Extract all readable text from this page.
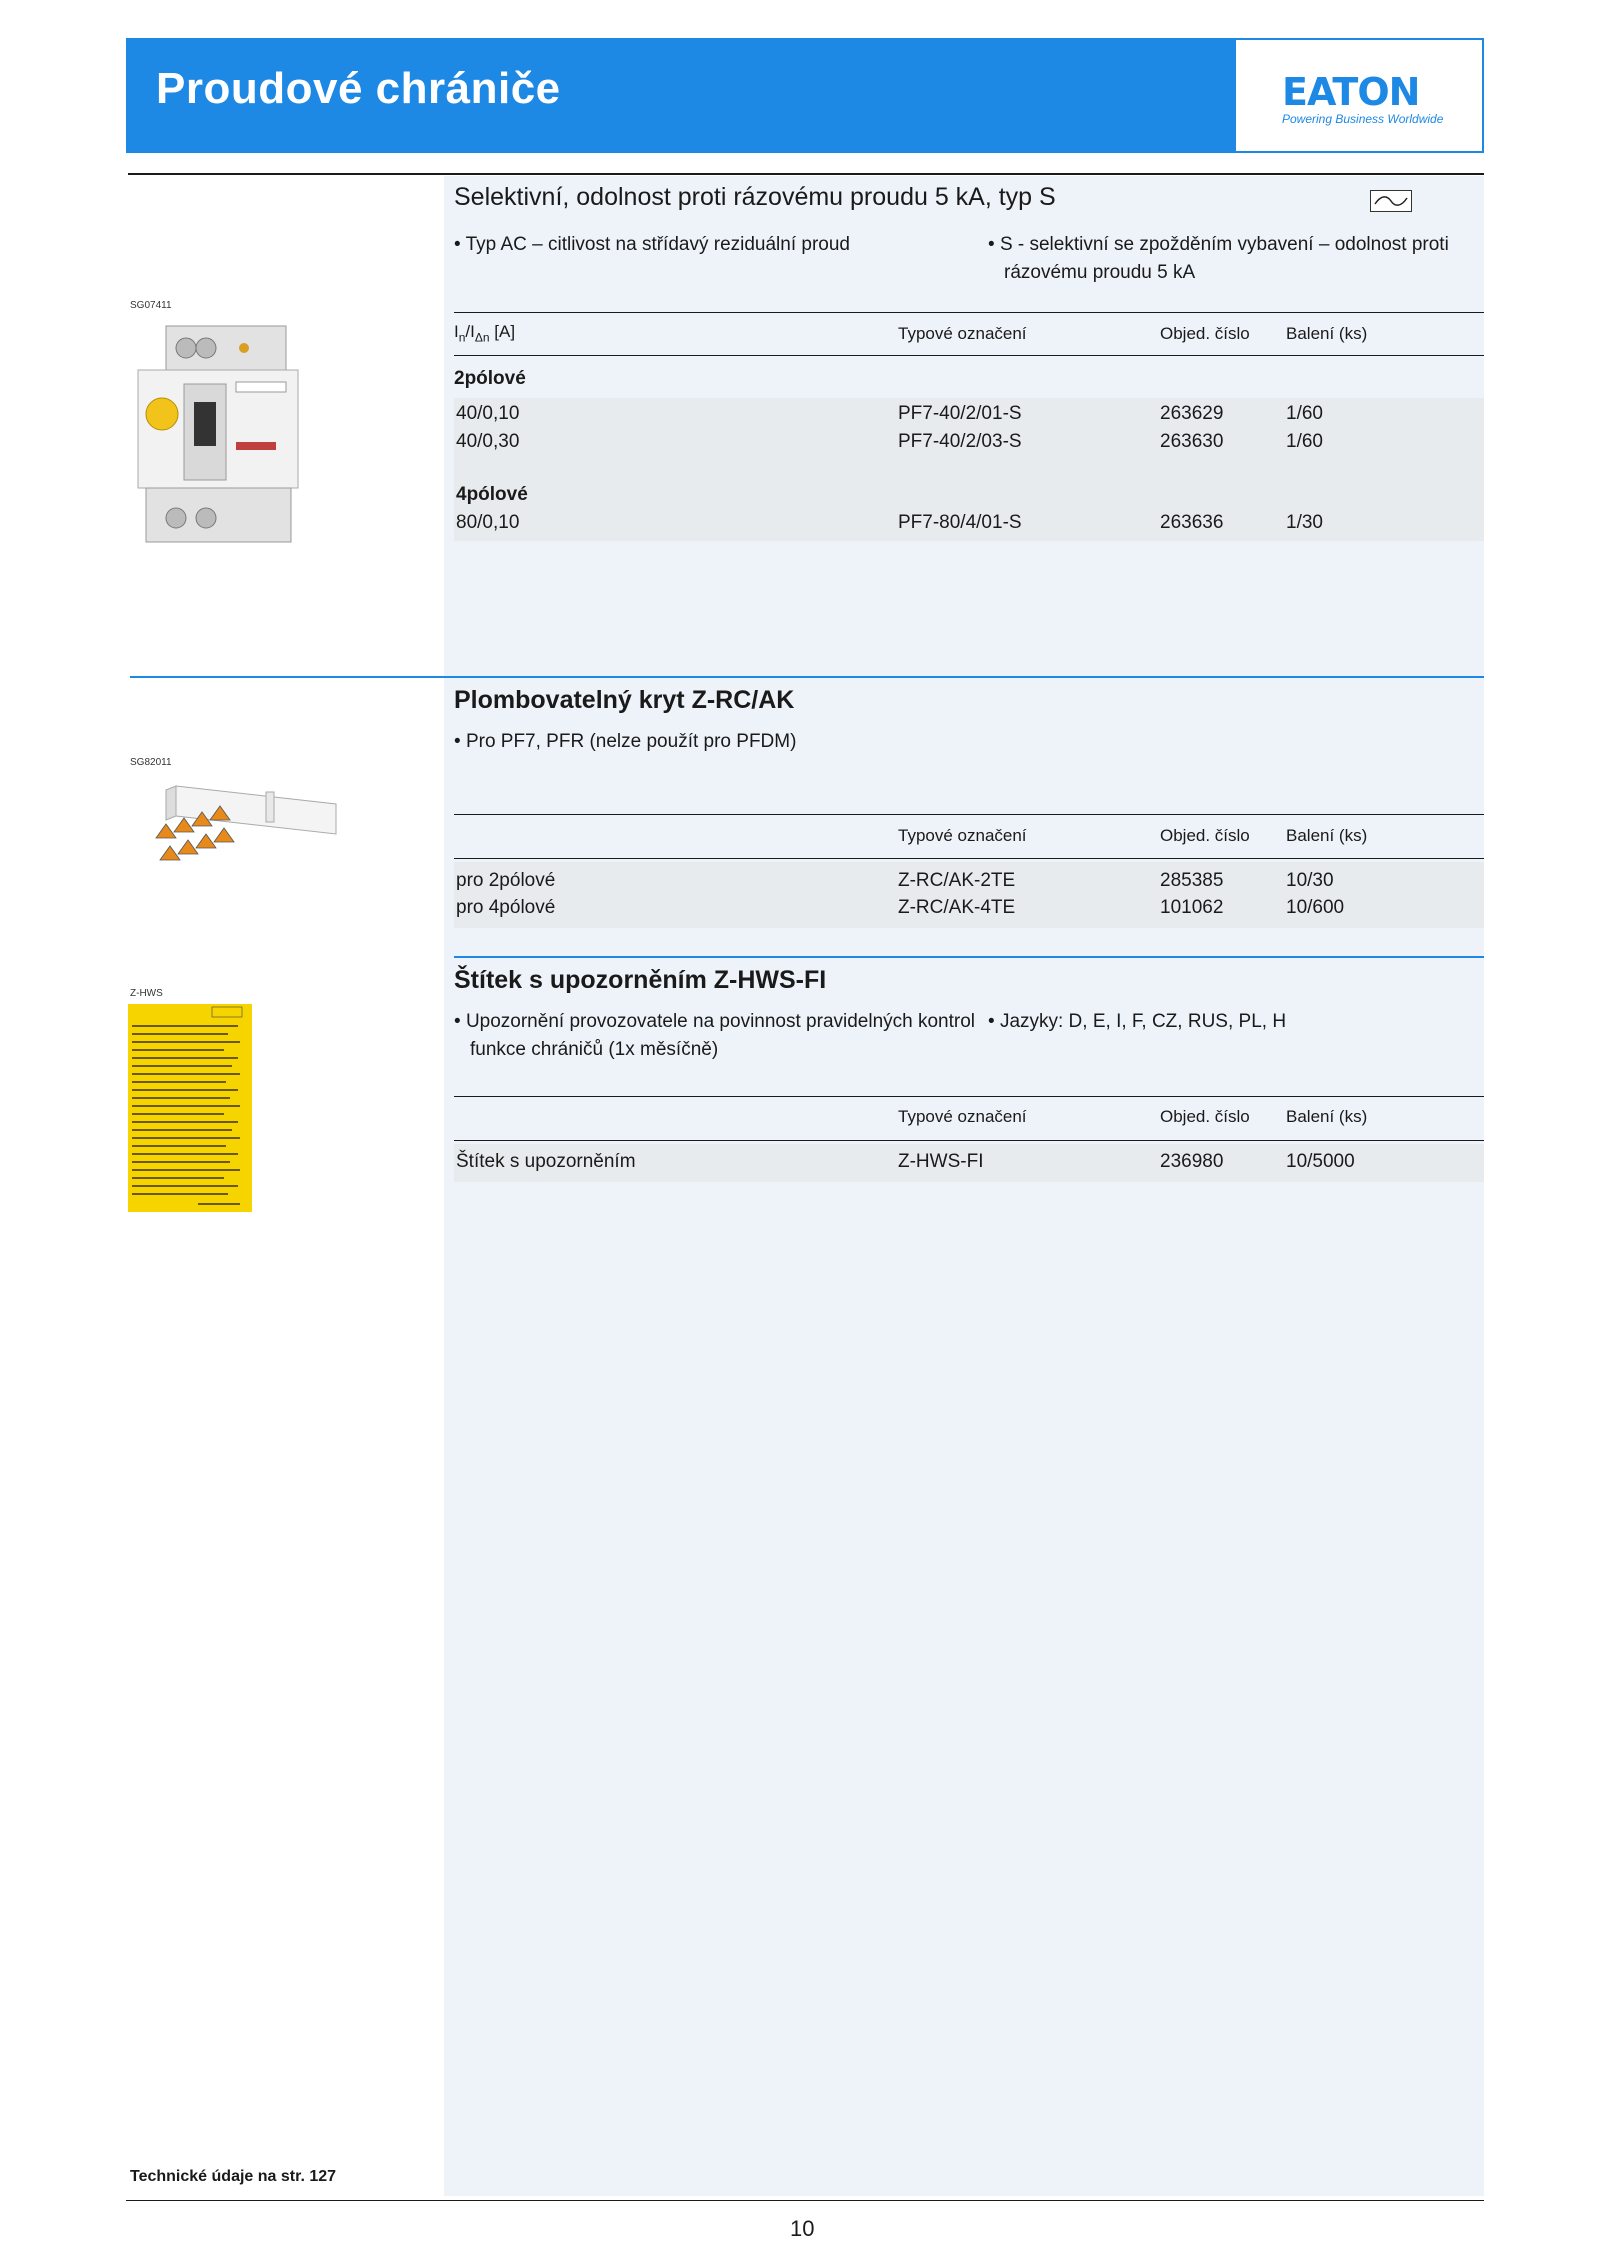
Proudové chrániče	EATON
Powering Business Worldwide
Selektivní, odolnost proti rázovému proudu 5 kA, typ S
• Typ AC – citlivost na střídavý reziduální proud	• S - selektivní se zpožděním vybavení – odolnost proti rázovému proudu 5 kA
SG07411
$I_n/I_{\Delta n}$ [A]	Typové označení	Objed. číslo Balení (ks)
2pólové
40/0,10	PF7-40/2/01-S	263629	1/60
40/0,30	PF7-40/2/03-S	263630	1/60
4pólové
80/0,10	PF7-80/4/01-S	263636	1/30
Plombovatelný kryt Z-RC/AK
• Pro PF7, PFR (nelze použít pro PFDM)
SG82011
Typové označení	Objed. číslo Balení (ks)
pro 2pólové	Z-RC/AK-2TE	285385	10/30
pro 4pólové	Z-RC/AK-4TE	101062	10/600
Štítek s upozorněním Z-HWS-FI
• Upozornění provozovatele na povinnost pravidelných kontrol funkce chráničů (1x měsíčně)
• Jazyky: D, E, I, F, CZ, RUS, PL, H
Z-HWS
Typové označení	Objed. číslo Balení (ks)
Štítek s upozorněním	Z-HWS-FI	236980	10/5000
Technické údaje na str. 127
10
